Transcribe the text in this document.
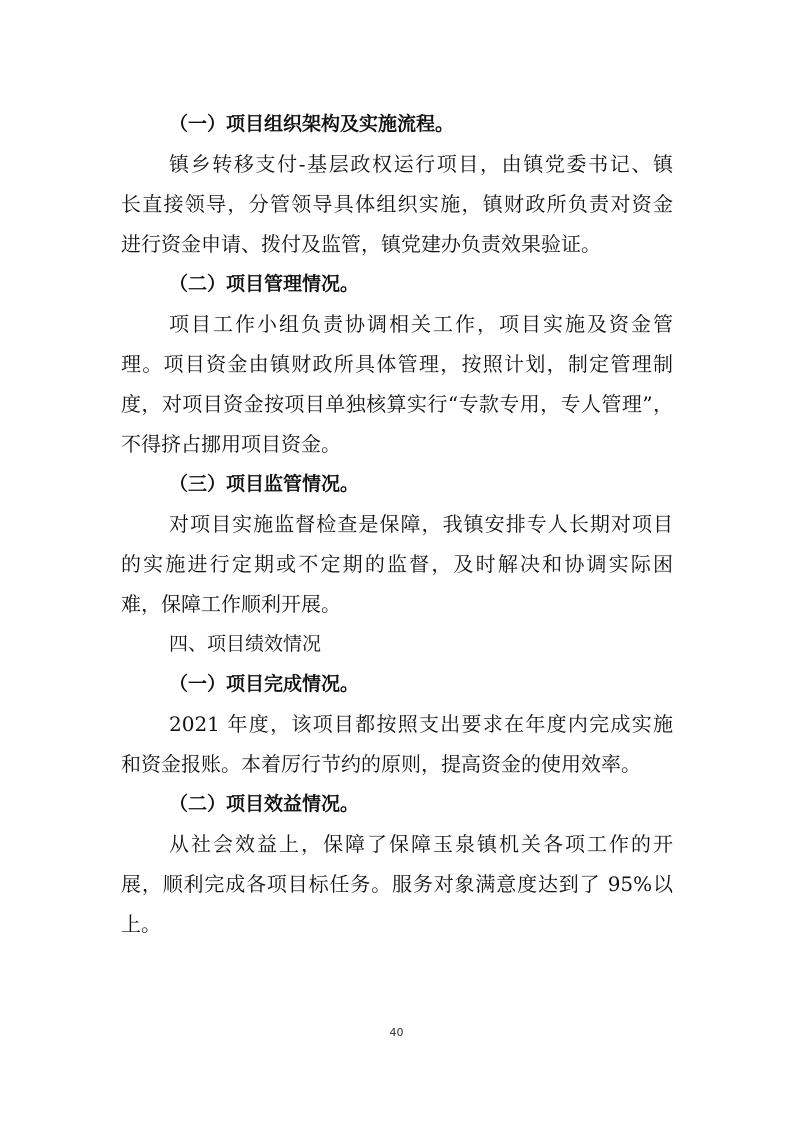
（一）项目组织架构及实施流程。
镇乡转移支付-基层政权运行项目，由镇党委书记、镇
长直接领导，分管领导具体组织实施，镇财政所负责对资金
进行资金申请、拨付及监管，镇党建办负责效果验证。
（二）项目管理情况。
项目工作小组负责协调相关工作，项目实施及资金管
理。项目资金由镇财政所具体管理，按照计划，制定管理制
度，对项目资金按项目单独核算实行“专款专用，专人管理”，
不得挤占挪用项目资金。
（三）项目监管情况。
对项目实施监督检查是保障，我镇安排专人长期对项目
的实施进行定期或不定期的监督，及时解决和协调实际困
难，保障工作顺利开展。
四、项目绩效情况
（一）项目完成情况。
2021 年度，该项目都按照支出要求在年度内完成实施
和资金报账。本着厉行节约的原则，提高资金的使用效率。
（二）项目效益情况。
从社会效益上，保障了保障玉泉镇机关各项工作的开
展，顺利完成各项目标任务。服务对象满意度达到了 95%以
上。
40
